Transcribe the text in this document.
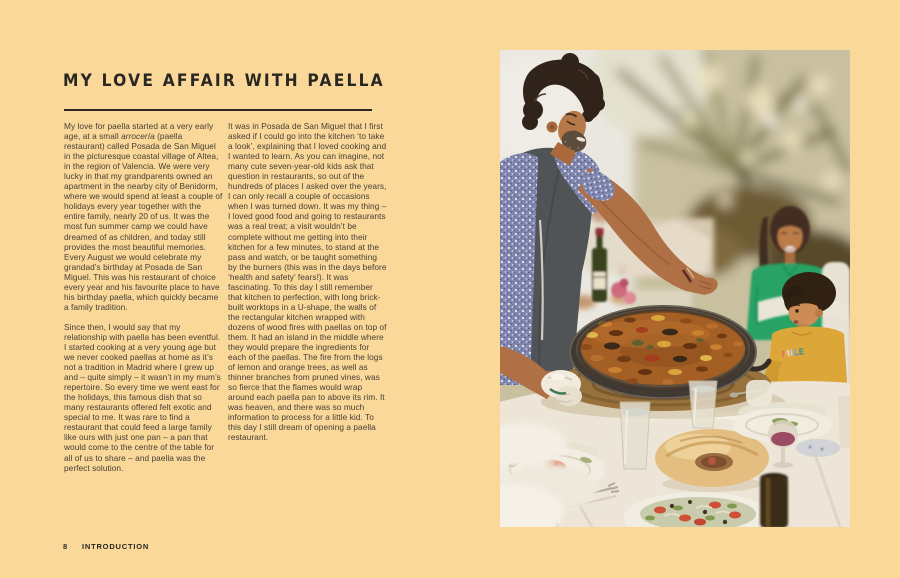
MY LOVE AFFAIR WITH PAELLA

My love for paella started at a very early age, at a small arrocería (paella restaurant) called Posada de San Miguel in the picturesque coastal village of Altea, in the region of Valencia. We were very lucky in that my grandparents owned an apartment in the nearby city of Benidorm, where we would spend at least a couple of holidays every year together with the entire family, nearly 20 of us. It was the most fun summer camp we could have dreamed of as children, and today still provides the most beautiful memories. Every August we would celebrate my grandad’s birthday at Posada de San Miguel. This was his restaurant of choice every year and his favourite place to have his birthday paella, which quickly became a family tradition.

Since then, I would say that my relationship with paella has been eventful. I started cooking at a very young age but we never cooked paellas at home as it’s not a tradition in Madrid where I grew up and – quite simply – it wasn’t in my mum’s repertoire. So every time we went east for the holidays, this famous dish that so many restaurants offered felt exotic and special to me. It was rare to find a restaurant that could feed a large family like ours with just one pan – a pan that would come to the centre of the table for all of us to share – and paella was the perfect solution.

It was in Posada de San Miguel that I first asked if I could go into the kitchen ‘to take a look’, explaining that I loved cooking and I wanted to learn. As you can imagine, not many cute seven-year-old kids ask that question in restaurants, so out of the hundreds of places I asked over the years, I can only recall a couple of occasions when I was turned down. It was my thing – I loved good food and going to restaurants was a real treat; a visit wouldn’t be complete without me getting into their kitchen for a few minutes, to stand at the pass and watch, or be taught something by the burners (this was in the days before ‘health and safety’ fears!). It was fascinating. To this day I still remember that kitchen to perfection, with long brick-built worktops in a U-shape, the walls of the rectangular kitchen wrapped with dozens of wood fires with paellas on top of them. It had an island in the middle where they would prepare the ingredients for each of the paellas. The fire from the logs of lemon and orange trees, as well as thinner branches from pruned vines, was so fierce that the flames would wrap around each paella pan to above its rim. It was heaven, and there was so much information to process for a little kid. To this day I still dream of opening a paella restaurant.

8 INTRODUCTION
MILE
